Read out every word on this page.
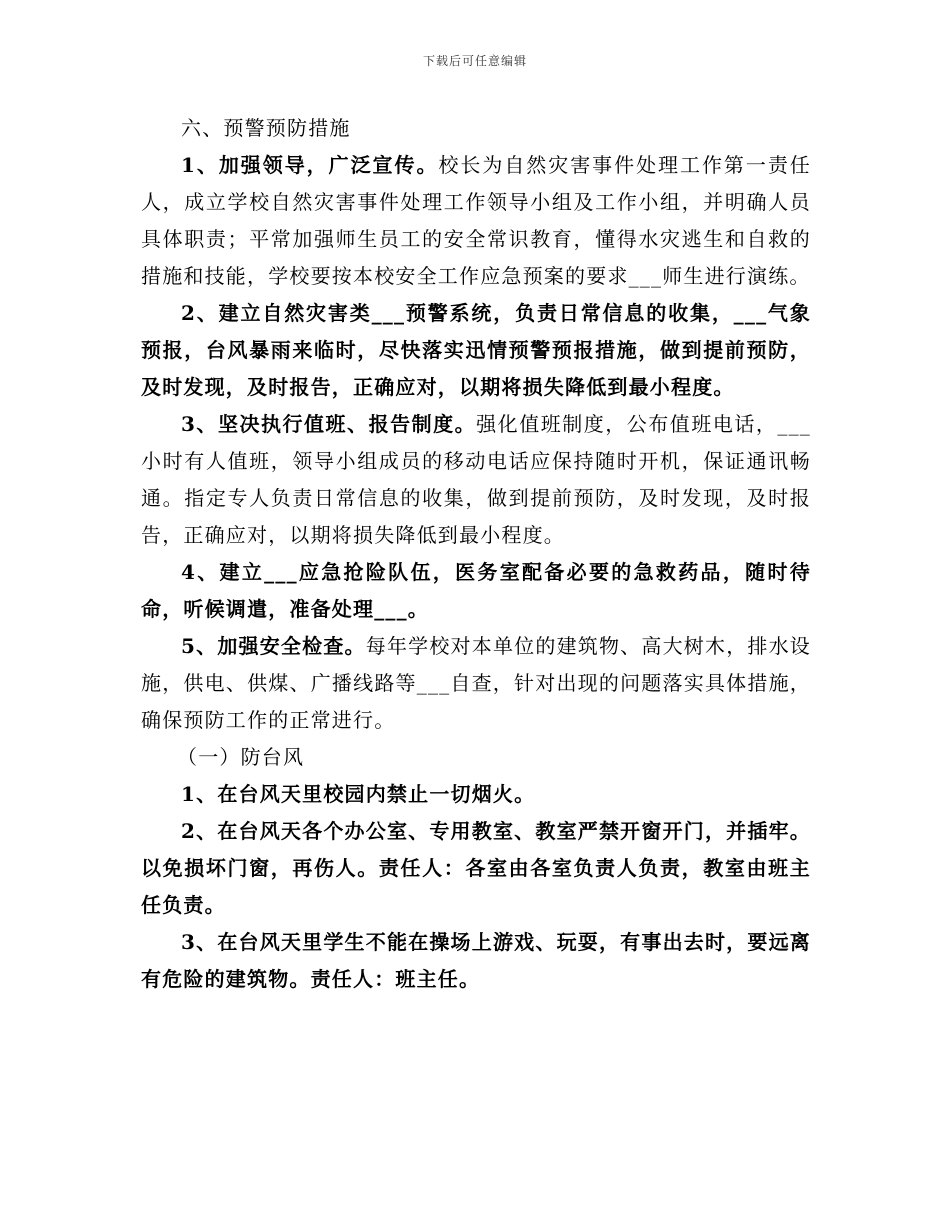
下载后可任意编辑

六、预警预防措施

1、加强领导，广泛宣传。校长为自然灾害事件处理工作第一责任人，成立学校自然灾害事件处理工作领导小组及工作小组，并明确人员具体职责；平常加强师生员工的安全常识教育，懂得水灾逃生和自救的措施和技能，学校要按本校安全工作应急预案的要求___师生进行演练。

2、建立自然灾害类___预警系统，负责日常信息的收集，___气象预报，台风暴雨来临时，尽快落实迅情预警预报措施，做到提前预防，及时发现，及时报告，正确应对，以期将损失降低到最小程度。

3、坚决执行值班、报告制度。强化值班制度，公布值班电话，___小时有人值班，领导小组成员的移动电话应保持随时开机，保证通讯畅通。指定专人负责日常信息的收集，做到提前预防，及时发现，及时报告，正确应对，以期将损失降低到最小程度。

4、建立___应急抢险队伍，医务室配备必要的急救药品，随时待命，听候调遣，准备处理___。

5、加强安全检查。每年学校对本单位的建筑物、高大树木，排水设施，供电、供煤、广播线路等___自查，针对出现的问题落实具体措施，确保预防工作的正常进行。

（一）防台风

1、在台风天里校园内禁止一切烟火。

2、在台风天各个办公室、专用教室、教室严禁开窗开门，并插牢。以免损坏门窗，再伤人。责任人：各室由各室负责人负责，教室由班主任负责。

3、在台风天里学生不能在操场上游戏、玩耍，有事出去时，要远离有危险的建筑物。责任人：班主任。
